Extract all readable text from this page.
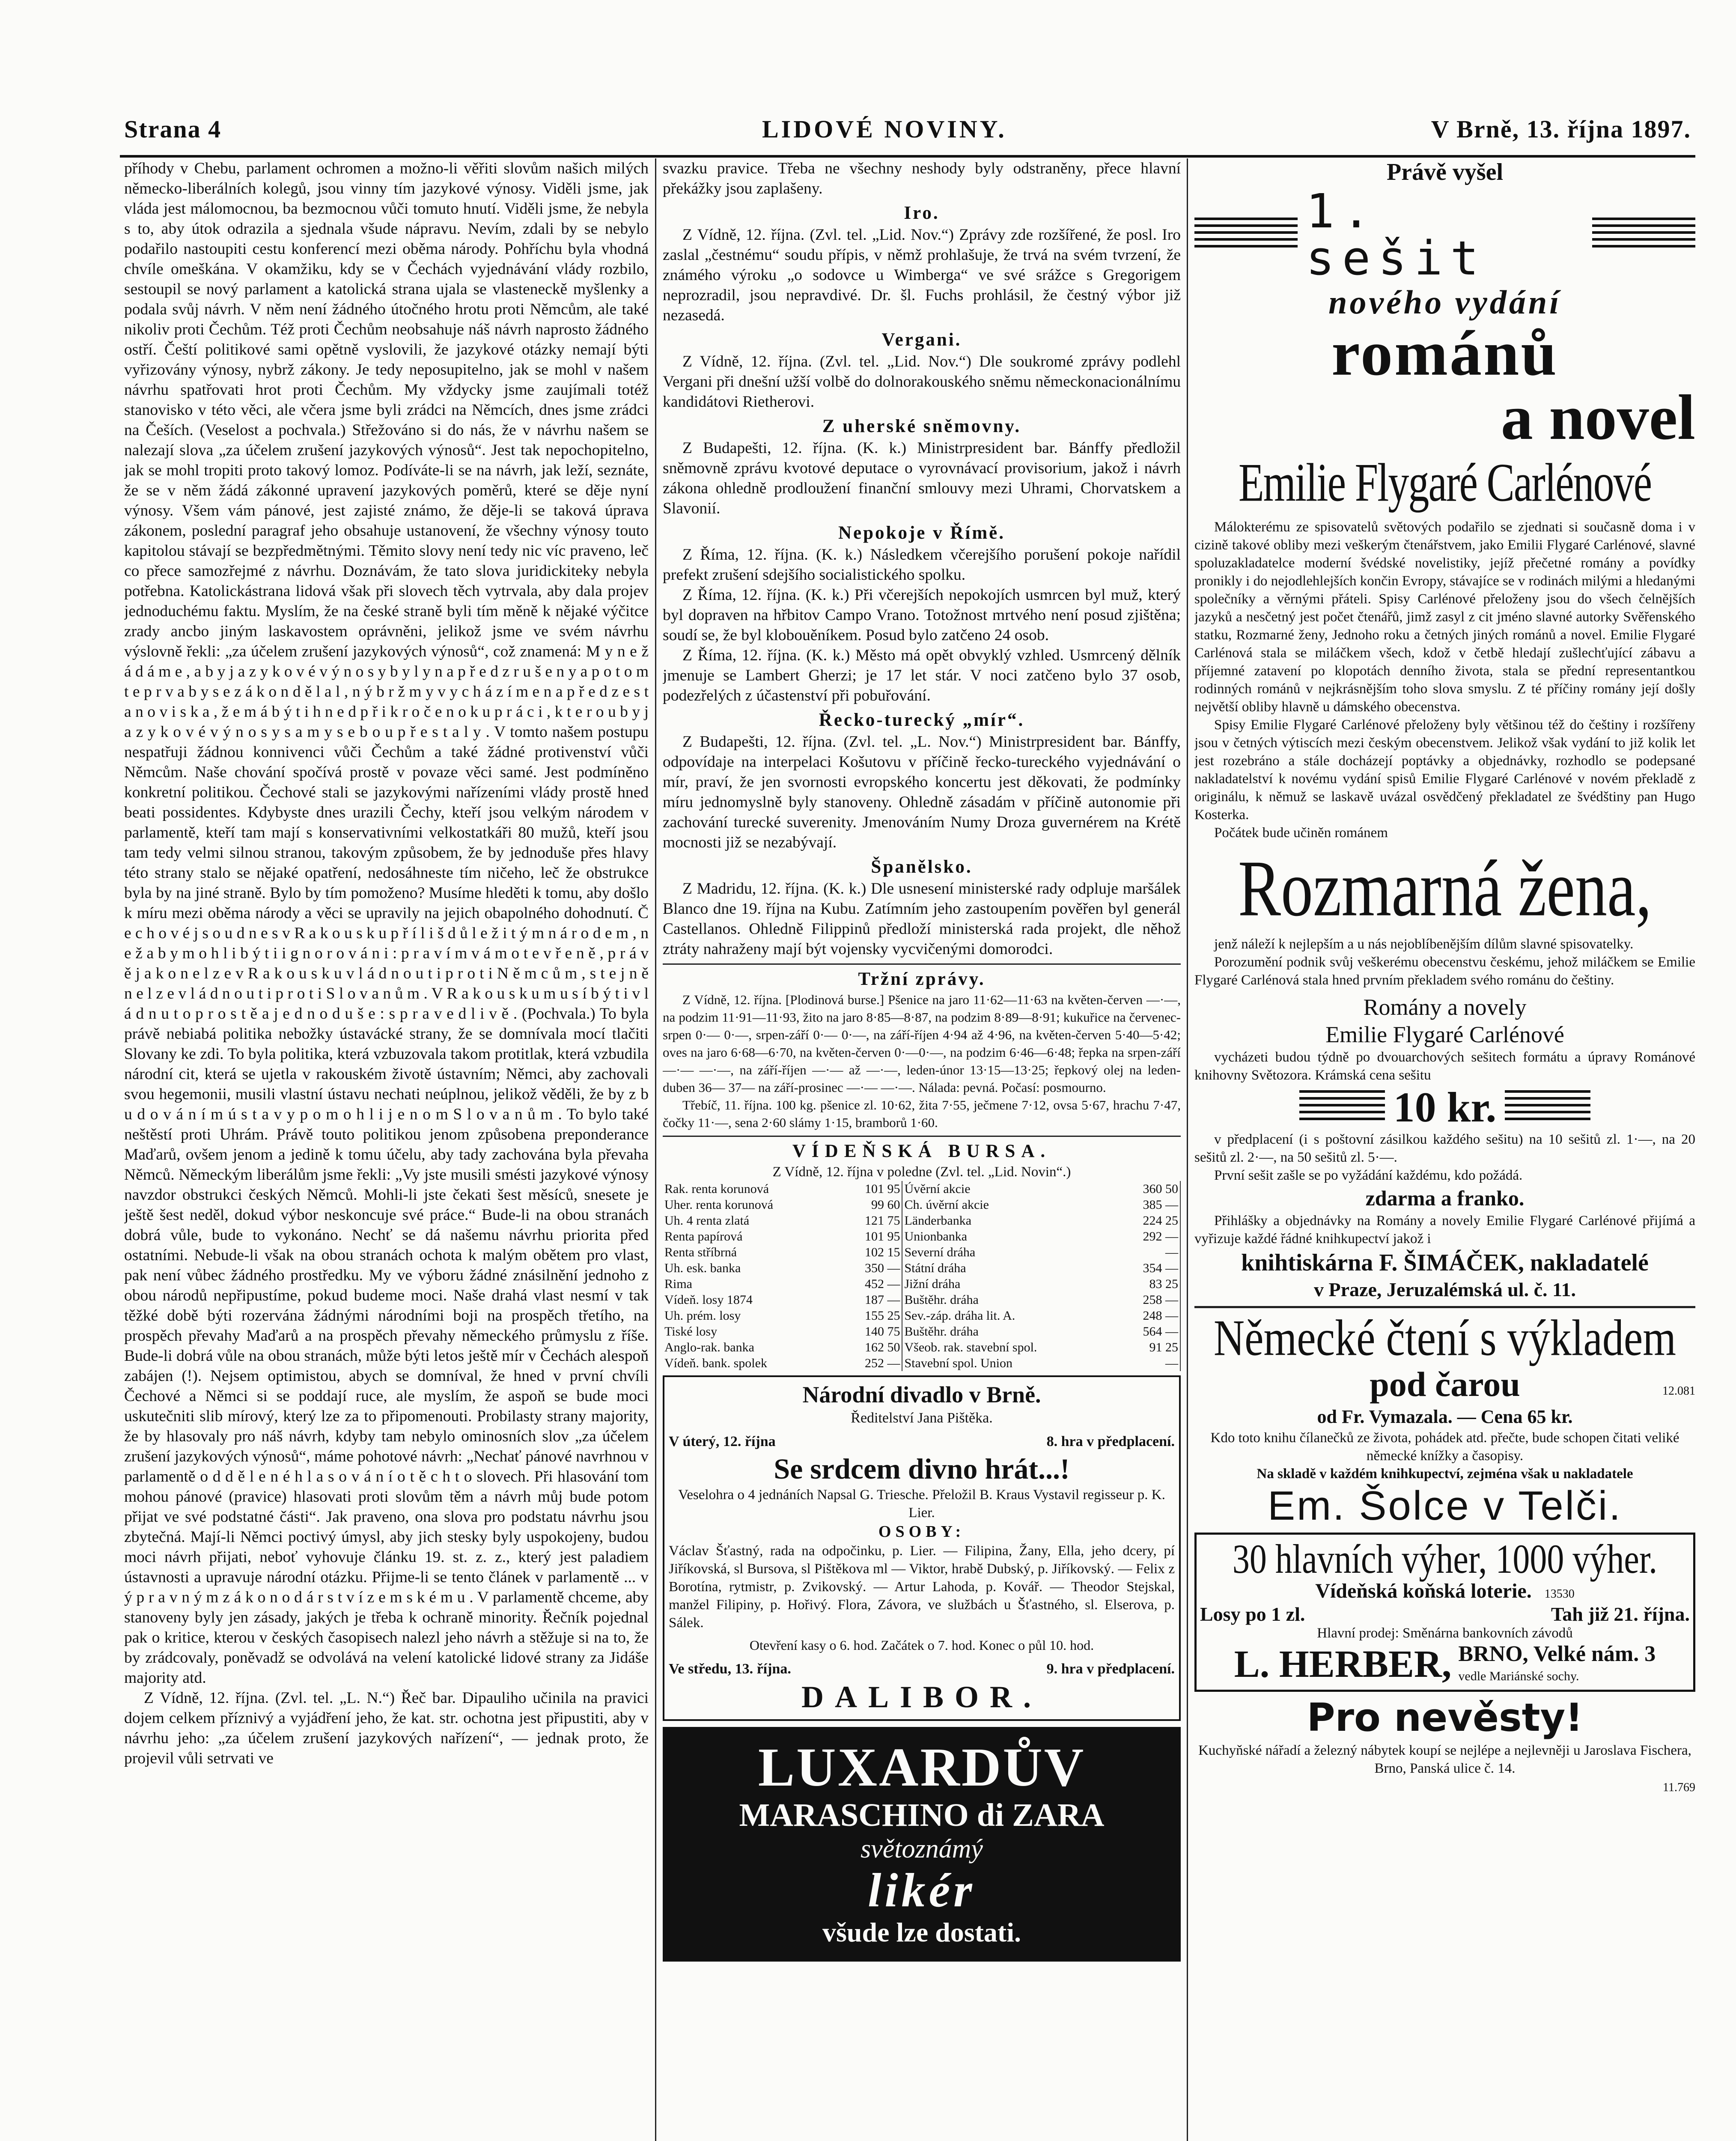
Strana 4	LIDOVÉ NOVINY.	V Brně, 13. října 1897.

příhody v Chebu, parlament ochromen a možno-li věřiti slovům našich milých německo-liberálních kolegů, jsou vinny tím jazykové výnosy. Viděli jsme, jak vláda jest málomocnou, ba bezmocnou vůči tomuto hnutí. Viděli jsme, že nebyla s to, aby útok odrazila a sjednala všude nápravu. Nevím, zdali by se nebylo podařilo nastoupiti cestu konferencí mezi oběma národy. Pohříchu byla vhodná chvíle omeškána. V okamžiku, kdy se v Čechách vyjednávání vlády rozbilo, sestoupil se nový parlament a katolická strana ujala se vlasteneckě myšlenky a podala svůj návrh. V něm není žádného útočného hrotu proti Němcům, ale také nikoliv proti Čechům. Též proti Čechům neobsahuje náš návrh naprosto žádného ostří. Čeští politikové sami opětně vyslovili, že jazykové otázky nemají býti vyřizovány výnosy, nybrž zákony. Je tedy neposupitelno, jak se mohl v našem návrhu spatřovati hrot proti Čechům. My vždycky jsme zaujímali totéž stanovisko v této věci, ale včera jsme byli zrádci na Němcích, dnes jsme zrádci na Češích. (Veselost a pochvala.) Střežováno si do nás, že v návrhu našem se nalezají slova „za účelem zrušení jazykových výnosů“. Jest tak nepochopitelno, jak se mohl tropiti proto takový lomoz. Podíváte-li se na návrh, jak leží, seznáte, že se v něm žádá zákonné upravení jazykových poměrů, které se děje nyní výnosy. Všem vám pánové, jest zajisté známo, že děje-li se taková úprava zákonem, poslední paragraf jeho obsahuje ustanovení, že všechny výnosy touto kapitolou stávají se bezpředmětnými. Těmito slovy není tedy nic víc praveno, leč co přece samozřejmé z návrhu. Doznávám, že tato slova juridickiteky nebyla potřebna. Katolickástrana lidová však při slovech těch vytrvala, aby dala projev jednoduchému faktu. Myslím, že na české straně byli tím měně k nějaké výčitce zrady ancbo jiným laskavostem oprávněni, jelikož jsme ve svém návrhu výslovně řekli: „za účelem zrušení jazykových výnosů“, což znamená: M y n e ž á d á m e , a b y j a z y k o v é v ý n o s y b y l y n a p ř e d z r u š e n y a p o t o m t e p r v a b y s e z á k o n d ě l a l , n ý b r ž m y v y c h á z í m e n a p ř e d z e s t a n o v i s k a , ž e m á b ý t i h n e d p ř i k r o č e n o k u p r á c i , k t e r o u b y j a z y k o v é v ý n o s y s a m y s e b o u p ř e s t a l y . V tomto našem postupu nespatřuji žádnou konnivenci vůči Čechům a také žádné protivenství vůči Němcům. Naše chování spočívá prostě v povaze věci samé. Jest podmíněno konkretní politikou. Čechové stali se jazykovými nařízeními vlády prostě hned beati possidentes. Kdybyste dnes urazili Čechy, kteří jsou velkým národem v parlamentě, kteří tam mají s konservativními velkostatkáři 80 mužů, kteří jsou tam tedy velmi silnou stranou, takovým způsobem, že by jednoduše přes hlavy této strany stalo se nějaké opatření, nedosáhneste tím ničeho, leč že obstrukce byla by na jiné straně. Bylo by tím pomoženo? Musíme hleděti k tomu, aby došlo k míru mezi oběma národy a věci se upravily na jejich obapolného dohodnutí. Č e c h o v é j s o u d n e s v R a k o u s k u p ř í l i š d ů l e ž i t ý m n á r o d e m , n e ž a b y m o h l i b ý t i i g n o r o v á n i : p r a v í m v á m o t e v ř e n ě , p r á v ě j a k o n e l z e v R a k o u s k u v l á d n o u t i p r o t i N ě m c ů m , s t e j n ě n e l z e v l á d n o u t i p r o t i S l o v a n ů m . V R a k o u s k u m u s í b ý t i v l á d n u t o p r o s t ě a j e d n o d u š e : s p r a v e d l i v ě . (Pochvala.) To byla právě nebiabá politika nebožky ústavácké strany, že se domnívala mocí tlačiti Slovany ke zdi. To byla politika, která vzbuzovala takom protitlak, která vzbudila národní cit, která se ujetla v rakouském životě ústavním; Němci, aby zachovali svou hegemonii, musili vlastní ústavu nechati neúplnou, jelikož věděli, že by z b u d o v á n í m ú s t a v y p o m o h l i j e n o m S l o v a n ů m . To bylo také neštěstí proti Uhrám. Právě touto politikou jenom způsobena preponderance Maďarů, ovšem jenom a jedině k tomu účelu, aby tady zachována byla převaha Němců. Německým liberálům jsme řekli: „Vy jste musili smésti jazykové výnosy navzdor obstrukci českých Němců. Mohli-li jste čekati šest měsíců, snesete je ještě šest neděl, dokud výbor neskoncuje své práce.“ Bude-li na obou stranách dobrá vůle, bude to vykonáno. Nechť se dá našemu návrhu priorita před ostatními. Nebude-li však na obou stranách ochota k malým obětem pro vlast, pak není vůbec žádného prostředku. My ve výboru žádné znásilnění jednoho z obou národů nepřipustíme, pokud budeme moci. Naše drahá vlast nesmí v tak těžké době býti rozervána žádnými národními boji na prospěch třetího, na prospěch převahy Maďarů a na prospěch převahy německého průmyslu z říše. Bude-li dobrá vůle na obou stranách, může býti letos ještě mír v Čechách alespoň zabájen (!). Nejsem optimistou, abych se domníval, že hned v první chvíli Čechové a Němci si se poddají ruce, ale myslím, že aspoň se bude moci uskutečniti slib mírový, který lze za to připomenouti. Probilasty strany majority, že by hlasovaly pro náš návrh, kdyby tam nebylo ominosních slov „za účelem zrušení jazykových výnosů“, máme pohotové návrh: „Nechať pánové navrhnou v parlamentě o d d ě l e n é h l a s o v á n í o t ě c h t o slovech. Při hlasování tom mohou pánové (pravice) hlasovati proti slovům těm a návrh můj bude potom přijat ve své podstatné části“. Jak praveno, ona slova pro podstatu návrhu jsou zbytečná. Mají-li Němci poctivý úmysl, aby jich stesky byly uspokojeny, budou moci návrh přijati, neboť vyhovuje článku 19. st. z. z., který jest paladiem ústavnosti a upravuje národní otázku. Přijme-li se tento článek v parlamentě ... v ý p r a v n ý m z á k o n o d á r s t v í z e m s k é m u . V parlamentě chceme, aby stanoveny byly jen zásady, jakých je třeba k ochraně minority. Řečník pojednal pak o kritice, kterou v českých časopisech nalezl jeho návrh a stěžuje si na to, že by zrádcovaly, poněvadž se odvolává na velení katolické lidové strany za Jidáše majority atd.

Z Vídně, 12. října. (Zvl. tel. „L. N.“) Řeč bar. Dipauliho učinila na pravici dojem celkem příznivý a vyjádření jeho, že kat. str. ochotna jest připustiti, aby v návrhu jeho: „za účelem zrušení jazykových nařízení“, — jednak proto, že projevil vůli setrvati ve

svazku pravice. Třeba ne všechny neshody byly odstraněny, přece hlavní překážky jsou zaplašeny.

Iro.

Z Vídně, 12. října. (Zvl. tel. „Lid. Nov.“) Zprávy zde rozšířené, že posl. Iro zaslal „čestnému“ soudu přípis, v němž prohlašuje, že trvá na svém tvrzení, že známého výroku „o sodovce u Wimberga“ ve své srážce s Gregorigem neprozradil, jsou nepravdivé. Dr. šl. Fuchs prohlásil, že čestný výbor již nezasedá.

Vergani.

Z Vídně, 12. října. (Zvl. tel. „Lid. Nov.“) Dle soukromé zprávy podlehl Vergani při dnešní užší volbě do dolnorakouského sněmu německonacionálnímu kandidátovi Rietherovi.

Z uherské sněmovny.

Z Budapešti, 12. října. (K. k.) Ministrpresident bar. Bánffy předložil sněmovně zprávu kvotové deputace o vyrovnávací provisorium, jakož i návrh zákona ohledně prodloužení finanční smlouvy mezi Uhrami, Chorvatskem a Slavonií.

Nepokoje v Římě.

Z Říma, 12. října. (K. k.) Následkem včerejšího porušení pokoje nařídil prefekt zrušení sdejšího socialistického spolku.

Z Říma, 12. října. (K. k.) Při včerejších nepokojích usmrcen byl muž, který byl dopraven na hřbitov Campo Vrano. Totožnost mrtvého není posud zjištěna; soudí se, že byl klobouěníkem. Posud bylo zatčeno 24 osob.

Z Říma, 12. října. (K. k.) Město má opět obvyklý vzhled. Usmrcený dělník jmenuje se Lambert Gherzi; je 17 let stár. V noci zatčeno bylo 37 osob, podezřelých z účastenství při pobuřování.

Řecko-turecký „mír“.

Z Budapešti, 12. října. (Zvl. tel. „L. Nov.“) Ministrpresident bar. Bánffy, odpovídaje na interpelaci Košutovu v příčině řecko-tureckého vyjednávání o mír, praví, že jen svornosti evropského koncertu jest děkovati, že podmínky míru jednomyslně byly stanoveny. Ohledně zásadám v příčině autonomie při zachování turecké suverenity. Jmenováním Numy Droza guvernérem na Krétě mocnosti již se nezabývají.

Španělsko.

Z Madridu, 12. října. (K. k.) Dle usnesení ministerské rady odpluje maršálek Blanco dne 19. října na Kubu. Zatímním jeho zastoupením pověřen byl generál Castellanos. Ohledně Filippinů předloží ministerská rada projekt, dle něhož ztráty nahraženy mají být vojensky vycvičenými domorodci.

Tržní zprávy.

Z Vídně, 12. října. [Plodinová burse.] Pšenice na jaro 11·62—11·63 na květen-červen —·—, na podzim 11·91—11·93, žito na jaro 8·85—8·87, na podzim 8·89—8·91; kukuřice na červenec-srpen 0·— 0·—, srpen-září 0·— 0·—, na září-říjen 4·94 až 4·96, na květen-červen 5·40—5·42; oves na jaro 6·68—6·70, na květen-červen 0·—0·—, na podzim 6·46—6·48; řepka na srpen-září —·— —·—, na září-říjen —·— až —·—, leden-únor 13·15—13·25; řepkový olej na leden-duben 36— 37— na září-prosinec —·— —·—. Náladа: pevná. Počasí: posmourno.

Třebíč, 11. října. 100 kg. pšenice zl. 10·62, žita 7·55, ječmene 7·12, ovsa 5·67, hrachu 7·47, čočky 11·—, sena 2·60 slámy 1·15, bramborů 1·60.

VÍDEŇSKÁ BURSA.

Z Vídně, 12. října v poledne (Zvl. tel. „Lid. Novin“.)

Rak. renta korunová	101 95	Úvěrní akcie	360 50
Uher. renta korunová	99 60	Ch. úvěrní akcie	385 —
Uh. 4 renta zlatá	121 75	Länderbanka	224 25
Renta papírová	101 95	Unionbanka	292 —
Renta stříbrná	102 15	Severní dráha	—
Uh. esk. banka	350 —	Státní dráha	354 —
Rima	452 —	Jižní dráha	83 25
Vídeň. losy 1874	187 —	Buštěhr. dráha	258 —
Uh. prém. losy	155 25	Sev.-záp. dráha lit. A.	248 —
Tiské losy	140 75	Buštěhr. dráha	564 —
Anglo-rak. banka	162 50	Všeob. rak. stavební spol.	91 25
Vídeň. bank. spolek	252 —	Stavební spol. Union	—
Národní divadlo v Brně.
Ředitelství Jana Pištěka.
V úterý, 12. října	8. hra v předplacení.
Se srdcem divno hrát...!

Veselohra o 4 jednáních Napsal G. Triesche. Přeložil B. Kraus Vystavil regisseur p. K. Lier.

OSOBY:

Václav Šťastný, rada na odpočinku, p. Lier. — Filipina, Žany, Ella, jeho dcery, pí Jiříkovská, sl Bursova, sl Pištěkova ml — Viktor, hrabě Dubský, p. Jiříkovský. — Felix z Borotína, rytmistr, p. Zvikovský. — Artur Lahoda, p. Kovář. — Theodor Stejskal, manžel Filipiny, p. Hořivý. Flora, Závora, ve službách u Šťastného, sl. Elserova, p. Sálek.

Otevření kasy o 6. hod. Začátek o 7. hod. Konec o půl 10. hod.
Ve středu, 13. října.	9. hra v předplacení.
DALIBOR.
LUXARDŮV
MARASCHINO di ZARA
světoznámý
likér
všude lze dostati.
Právě vyšel
1. sešit
nového vydání
románů
a novel
Emilie Flygaré Carlénové

Málokterému ze spisovatelů světových podařilo se zjednati si současně doma i v cizině takové obliby mezi veškerým čtenářstvem, jako Emilii Flygaré Carlénové, slavné spoluzakladatelce moderní švédské novelistiky, jejíž přečetné romány a povídky pronikly i do nejodlehlejších končin Evropy, stávajíce se v rodinách milými a hledanými společníky a věrnými přáteli. Spisy Carlénové přeloženy jsou do všech čelnějších jazyků a nesčetný jest počet čtenářů, jimž zasyl z cit jméno slavné autorky Svěřenského statku, Rozmarné ženy, Jednoho roku a četných jiných románů a novel. Emilie Flygaré Carlénová stala se miláčkem všech, kdož v četbě hledají zušlechťující zábavu a příjemné zatavení po klopotách denního života, stala se přední representantkou rodinných románů v nejkrásnějším toho slova smyslu. Z té příčiny romány její došly největší obliby hlavně u dámského obecenstva.

Spisy Emilie Flygaré Carlénové přeloženy byly většinou též do češtiny i rozšířeny jsou v četných výtiscích mezi českým obecenstvem. Jelikož však vydání to již kolik let jest rozebráno a stále docházejí poptávky a objednávky, rozhodlo se podepsané nakladatelství k novému vydání spisů Emilie Flygaré Carlénové v novém překladě z originálu, k němuž se laskavě uvázal osvědčený překladatel ze švédštiny pan Hugo Kosterka.

Počátek bude učiněn románem

Rozmarná žena,

jenž náleží k nejlepším a u nás nejoblíbenějším dílům slavné spisovatelky.

Porozumění podnik svůj veškerému obecenstvu českému, jehož miláčkem se Emilie Flygaré Carlénová stala hned prvním překladem svého románu do češtiny.

Romány a novely
Emilie Flygaré Carlénové

vycházeti budou týdně po dvouarchových sešitech formátu a úpravy Románové knihovny Světozora. Krámská cena sešitu

10 kr.

v předplacení (i s poštovní zásilkou každého sešitu) na 10 sešitů zl. 1·—, na 20 sešitů zl. 2·—, na 50 sešitů zl. 5·—.

První sešit zašle se po vyžádání každému, kdo požádá.

zdarma a franko.

Přihlášky a objednávky na Romány a novely Emilie Flygaré Carlénové přijímá a vyřizuje každé řádné knihkupectví jakož i

knihtiskárna F. ŠIMÁČEK, nakladatelé
v Praze, Jeruzalémská ul. č. 11.
Německé čtení s výkladem
pod čarou	12.081
od Fr. Vymazala. — Cena 65 kr.

Kdo toto knihu čílanečků ze života, pohádek atd. přečte, bude schopen čitati veliké německé knížky a časopisy.

Na skladě v každém knihkupectví, zejména však u nakladatele

Em. Šolce v Telči.
30 hlavních výher, 1000 výher.
Vídeňská koňská loterie. 13530
Losy po 1 zl.	Tah již 21. října.
Hlavní prodej: Směnárna bankovních závodů
L. HERBER, BRNO, Velké nám. 3
vedle Mariánské sochy.
Pro nevěsty!

Kuchyňské nářadí a železný nábytek koupí se nejlépe a nejlevněji u Jaroslava Fischera, Brno, Panská ulice č. 14.

11.769
